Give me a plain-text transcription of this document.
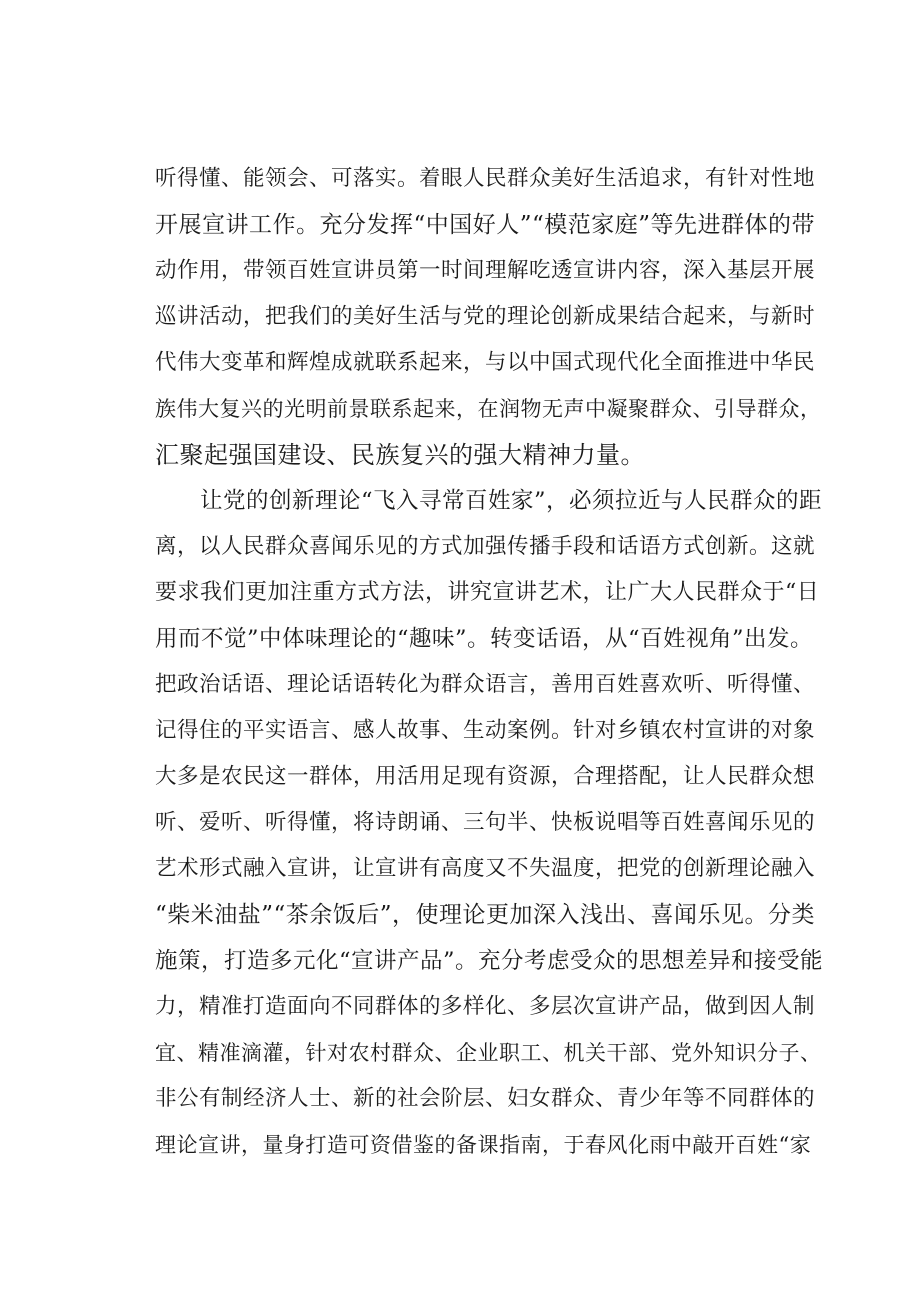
听得懂、能领会、可落实。着眼人民群众美好生活追求，有针对性地
开展宣讲工作。充分发挥“中国好人”“模范家庭”等先进群体的带
动作用，带领百姓宣讲员第一时间理解吃透宣讲内容，深入基层开展
巡讲活动，把我们的美好生活与党的理论创新成果结合起来，与新时
代伟大变革和辉煌成就联系起来，与以中国式现代化全面推进中华民
族伟大复兴的光明前景联系起来，在润物无声中凝聚群众、引导群众，
汇聚起强国建设、民族复兴的强大精神力量。
让党的创新理论“飞入寻常百姓家”，必须拉近与人民群众的距
离，以人民群众喜闻乐见的方式加强传播手段和话语方式创新。这就
要求我们更加注重方式方法，讲究宣讲艺术，让广大人民群众于“日
用而不觉”中体味理论的“趣味”。转变话语，从“百姓视角”出发。
把政治话语、理论话语转化为群众语言，善用百姓喜欢听、听得懂、
记得住的平实语言、感人故事、生动案例。针对乡镇农村宣讲的对象
大多是农民这一群体，用活用足现有资源，合理搭配，让人民群众想
听、爱听、听得懂，将诗朗诵、三句半、快板说唱等百姓喜闻乐见的
艺术形式融入宣讲，让宣讲有高度又不失温度，把党的创新理论融入
“柴米油盐”“茶余饭后”，使理论更加深入浅出、喜闻乐见。分类
施策，打造多元化“宣讲产品”。充分考虑受众的思想差异和接受能
力，精准打造面向不同群体的多样化、多层次宣讲产品，做到因人制
宜、精准滴灌，针对农村群众、企业职工、机关干部、党外知识分子、
非公有制经济人士、新的社会阶层、妇女群众、青少年等不同群体的
理论宣讲，量身打造可资借鉴的备课指南，于春风化雨中敲开百姓“家
